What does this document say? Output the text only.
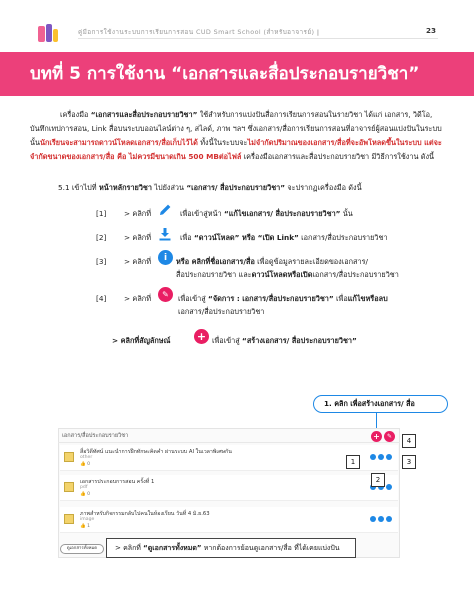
คู่มือการใช้งานระบบการเรียนการสอน CUD Smart School (สำหรับอาจารย์) |	23
บทที่ 5 การใช้งาน “เอกสารและสื่อประกอบรายวิชา”
เครื่องมือ “เอกสารและสื่อประกอบรายวิชา” ใช้สำหรับการแบ่งปันสื่อการเรียนการสอนในรายวิชา ได้แก่ เอกสาร, วิดีโอ, บันทึกเทปการสอน, Link สื่อบนระบบออนไลน์ต่าง ๆ, สไลด์, ภาพ ฯลฯ ซึ่งเอกสาร/สื่อการเรียนการสอนที่อาจารย์ผู้สอนแบ่งปันในระบบนั้นนักเรียนจะสามารถดาวน์โหลดเอกสาร/สื่อเก็บไว้ได้ ทั้งนี้ในระบบจะไม่จำกัดปริมาณของเอกสาร/สื่อที่จะอัพโหลดขึ้นในระบบ แต่จะจำกัดขนาดของเอกสาร/สื่อ คือ ไม่ควรมีขนาดเกิน 500 MBต่อไฟล์ เครื่องมือเอกสารและสื่อประกอบรายวิชา มีวิธีการใช้งาน ดังนี้
5.1 เข้าไปที่ หน้าหลักรายวิชา ไปยังส่วน “เอกสาร/ สื่อประกอบรายวิชา” จะปรากฏเครื่องมือ ดังนี้
[1] > คลิกที่	เพื่อเข้าสู่หน้า “แก้ไขเอกสาร/ สื่อประกอบรายวิชา” นั้น
[2] > คลิกที่	เพื่อ “ดาวน์โหลด” หรือ “เปิด Link” เอกสาร/สื่อประกอบรายวิชา
[3] > คลิกที่	i	หรือ คลิกที่ชื่อเอกสาร/สื่อ เพื่อดูข้อมูลรายละเอียดของเอกสาร/
สื่อประกอบรายวิชา และดาวน์โหลดหรือเปิดเอกสาร/สื่อประกอบรายวิชา
[4] > คลิกที่	✎	เพื่อเข้าสู่ “จัดการ : เอกสาร/สื่อประกอบรายวิชา” เพื่อแก้ไขหรือลบ
เอกสาร/สื่อประกอบรายวิชา
> คลิกที่สัญลักษณ์ + เพื่อเข้าสู่ “สร้างเอกสาร/ สื่อประกอบรายวิชา”
1. คลิก เพื่อสร้างเอกสาร/ สื่อ
เอกสาร/สื่อประกอบรายวิชา	+	✎
สื่อวิดีทัศน์ แนะนำการฝึกทักษะคิดคำ ผ่านระบบ AI ในเวลาพิเศษกัน
other
👍 0
เอกสารประกอบการสอน ครั้งที่ 1
pdf
👍 0
ภาพสำหรับกิจกรรมกลับไปคนในห้องเรียน วันที่ 4 มิ.ย.63
image
👍 1
1
2
3
4
ดูเอกสารทั้งหมด	> คลิกที่ “ดูเอกสารทั้งหมด” หากต้องการย้อนดูเอกสาร/สื่อ ที่ได้เคยแบ่งปัน
